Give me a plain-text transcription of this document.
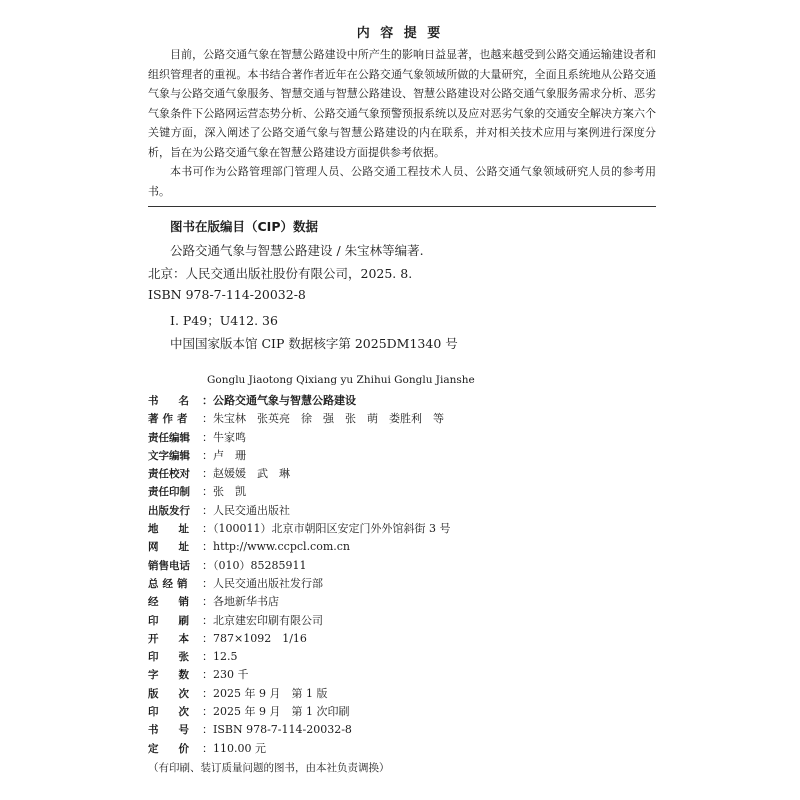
内 容 提 要

目前，公路交通气象在智慧公路建设中所产生的影响日益显著，也越来越受到公路交通运输建设者和组织管理者的重视。本书结合著作者近年在公路交通气象领域所做的大量研究，全面且系统地从公路交通气象与公路交通气象服务、智慧交通与智慧公路建设、智慧公路建设对公路交通气象服务需求分析、恶劣气象条件下公路网运营态势分析、公路交通气象预警预报系统以及应对恶劣气象的交通安全解决方案六个关键方面，深入阐述了公路交通气象与智慧公路建设的内在联系，并对相关技术应用与案例进行深度分析，旨在为公路交通气象在智慧公路建设方面提供参考依据。

本书可作为公路管理部门管理人员、公路交通工程技术人员、公路交通气象领域研究人员的参考用书。

图书在版编目（CIP）数据
公路交通气象与智慧公路建设 / 朱宝林等编著.
北京：人民交通出版社股份有限公司，2025. 8.
ISBN 978-7-114-20032-8
Ⅰ. P49；U412. 36
中国国家版本馆 CIP 数据核字第 2025DM1340 号
Gonglu Jiaotong Qixiang yu Zhihui Gonglu Jianshe
书名：公路交通气象与智慧公路建设
著作者 ：朱宝林　张英亮　徐　强　张　萌　娄胜利　等
责任编辑 ：牛家鸣
文字编辑 ：卢　珊
责任校对 ：赵媛媛　武　琳
责任印制 ：张　凯
出版发行 ：人民交通出版社
地址：（100011）北京市朝阳区安定门外外馆斜街 3 号
网址：http://www.ccpcl.com.cn
销售电话 ：（010）85285911
总经销 ：人民交通出版社发行部
经销：各地新华书店
印刷：北京建宏印刷有限公司
开本：787×1092　1/16
印张：12.5
字数：230 千
版次：2025 年 9 月　第 1 版
印次：2025 年 9 月　第 1 次印刷
书号：ISBN 978-7-114-20032-8
定价：110.00 元
（有印刷、装订质量问题的图书，由本社负责调换）
